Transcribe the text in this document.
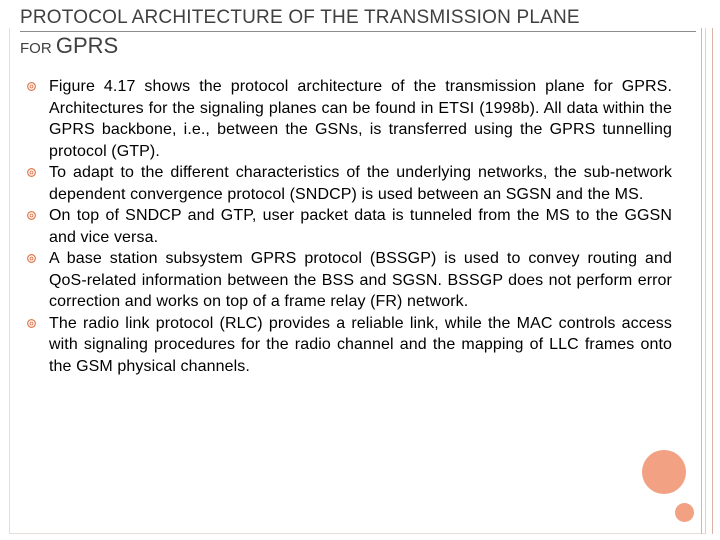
PROTOCOL ARCHITECTURE OF THE TRANSMISSION PLANE
FOR GPRS
Figure 4.17 shows the protocol architecture of the transmission plane for GPRS. Architectures for the signaling planes can be found in ETSI (1998b). All data within the GPRS backbone, i.e., between the GSNs, is transferred using the GPRS tunnelling protocol (GTP).
To adapt to the different characteristics of the underlying networks, the sub-network dependent convergence protocol (SNDCP) is used between an SGSN and the MS.
On top of SNDCP and GTP, user packet data is tunneled from the MS to the GGSN and vice versa.
A base station subsystem GPRS protocol (BSSGP) is used to convey routing and QoS-related information between the BSS and SGSN. BSSGP does not perform error correction and works on top of a frame relay (FR) network.
The radio link protocol (RLC) provides a reliable link, while the MAC controls access with signaling procedures for the radio channel and the mapping of LLC frames onto the GSM physical channels.
